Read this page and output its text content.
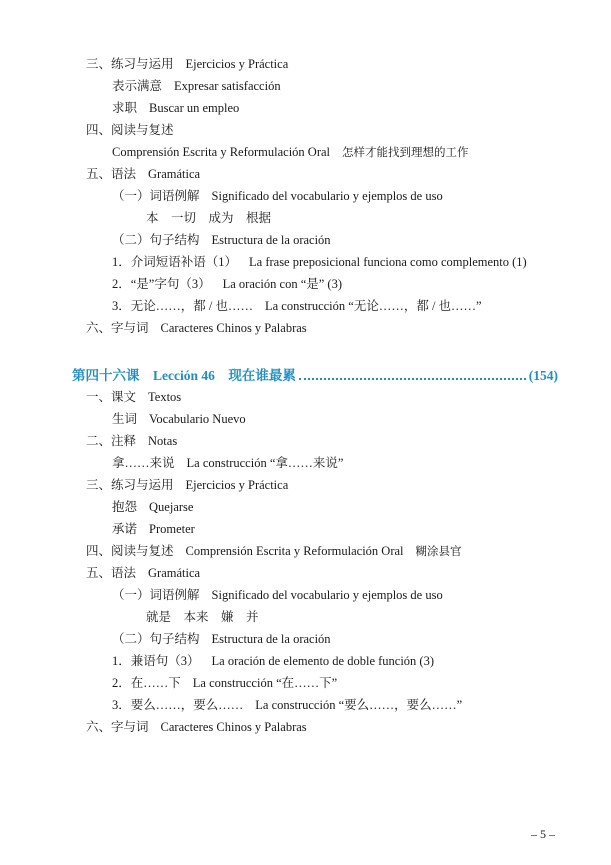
三、练习与运用 Ejercicios y Práctica
表示满意 Expresar satisfacción
求职 Buscar un empleo
四、阅读与复述
Comprensión Escrita y Reformulación Oral 怎样才能找到理想的工作
五、语法 Gramática
（一）词语例解 Significado del vocabulario y ejemplos de uso
本　一切　成为　根据
（二）句子结构 Estructura de la oración
1．介词短语补语（1） La frase preposicional funciona como complemento (1)
2．“是”字句（3） La oración con “是” (3)
3．无论……，都 / 也…… La construcción “无论……，都 / 也……”
六、字与词 Caracteres Chinos y Palabras
第四十六课　Lección 46　现在谁最累	(154)
一、课文 Textos
生词 Vocabulario Nuevo
二、注释 Notas
拿……来说 La construcción “拿……来说”
三、练习与运用 Ejercicios y Práctica
抱怨 Quejarse
承诺 Prometer
四、阅读与复述 Comprensión Escrita y Reformulación Oral 糊涂县官
五、语法 Gramática
（一）词语例解 Significado del vocabulario y ejemplos de uso
就是　本来　嫌　并
（二）句子结构 Estructura de la oración
1．兼语句（3） La oración de elemento de doble función (3)
2．在……下 La construcción “在……下”
3．要么……，要么…… La construcción “要么……，要么……”
六、字与词 Caracteres Chinos y Palabras
– 5 –
